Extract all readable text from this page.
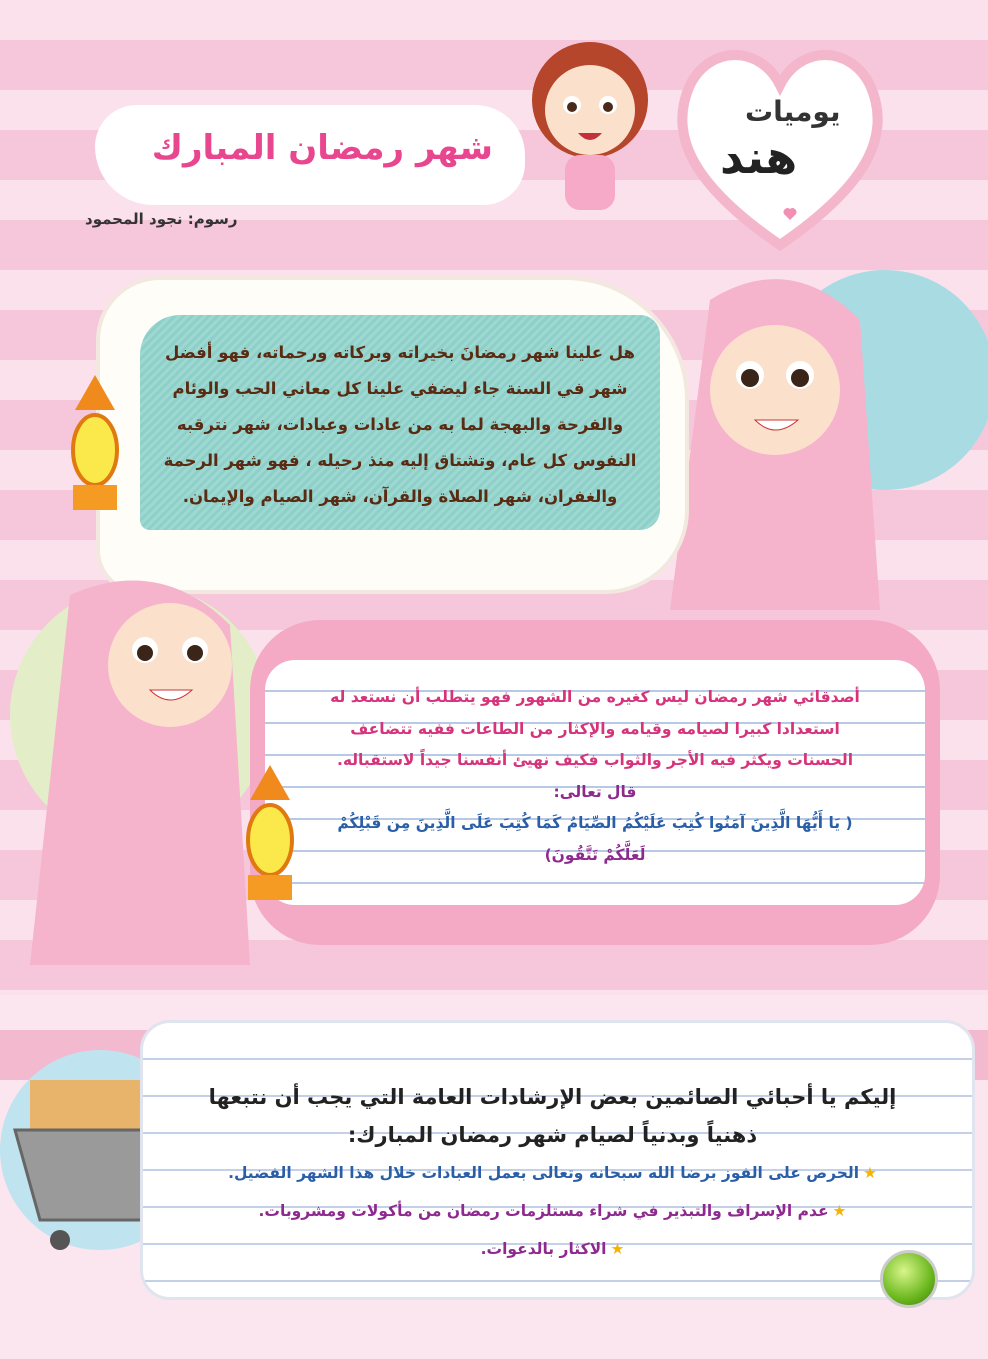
شهر رمضان المبارك
رسوم: نجود المحمود
يوميات
هند

هل علينا شهر رمضانَ بخيراته وبركاته ورحماته، فهو أفضل

شهر في السنة جاء ليضفي علينا كل معاني الحب والوئام

والفرحة والبهجة لما به من عادات وعبادات، شهر نترقبه

النفوس كل عام، وتشتاق إليه منذ رحيله ، فهو شهر الرحمة

والغفران، شهر الصلاة والقرآن، شهر الصيام والإيمان.

أصدقائي شهر رمضان ليس كغيره من الشهور فهو يتطلب أن نستعد له

استعدادا كبيرا لصيامه وقيامه والإكثار من الطاعات ففيه تتضاعف

الحسنات ويكثر فيه الأجر والثواب فكيف نهيئ أنفسنا جيداً لاستقباله.

قال تعالى:

( يَا أَيُّهَا الَّذِينَ آمَنُوا كُتِبَ عَلَيْكُمُ الصِّيَامُ كَمَا كُتِبَ عَلَى الَّذِينَ مِن قَبْلِكُمْ

لَعَلَّكُمْ تَتَّقُونَ)

إليكم يا أحبائي الصائمين بعض الإرشادات العامة التي يجب أن نتبعها
ذهنياً وبدنياً لصيام شهر رمضان المبارك:
★الحرص على الفوز برضا الله سبحانه وتعالى بعمل العبادات خلال هذا الشهر الفضيل.
★عدم الإسراف والتبذير في شراء مستلزمات رمضان من مأكولات ومشروبات.
★الاكثار بالدعوات.
